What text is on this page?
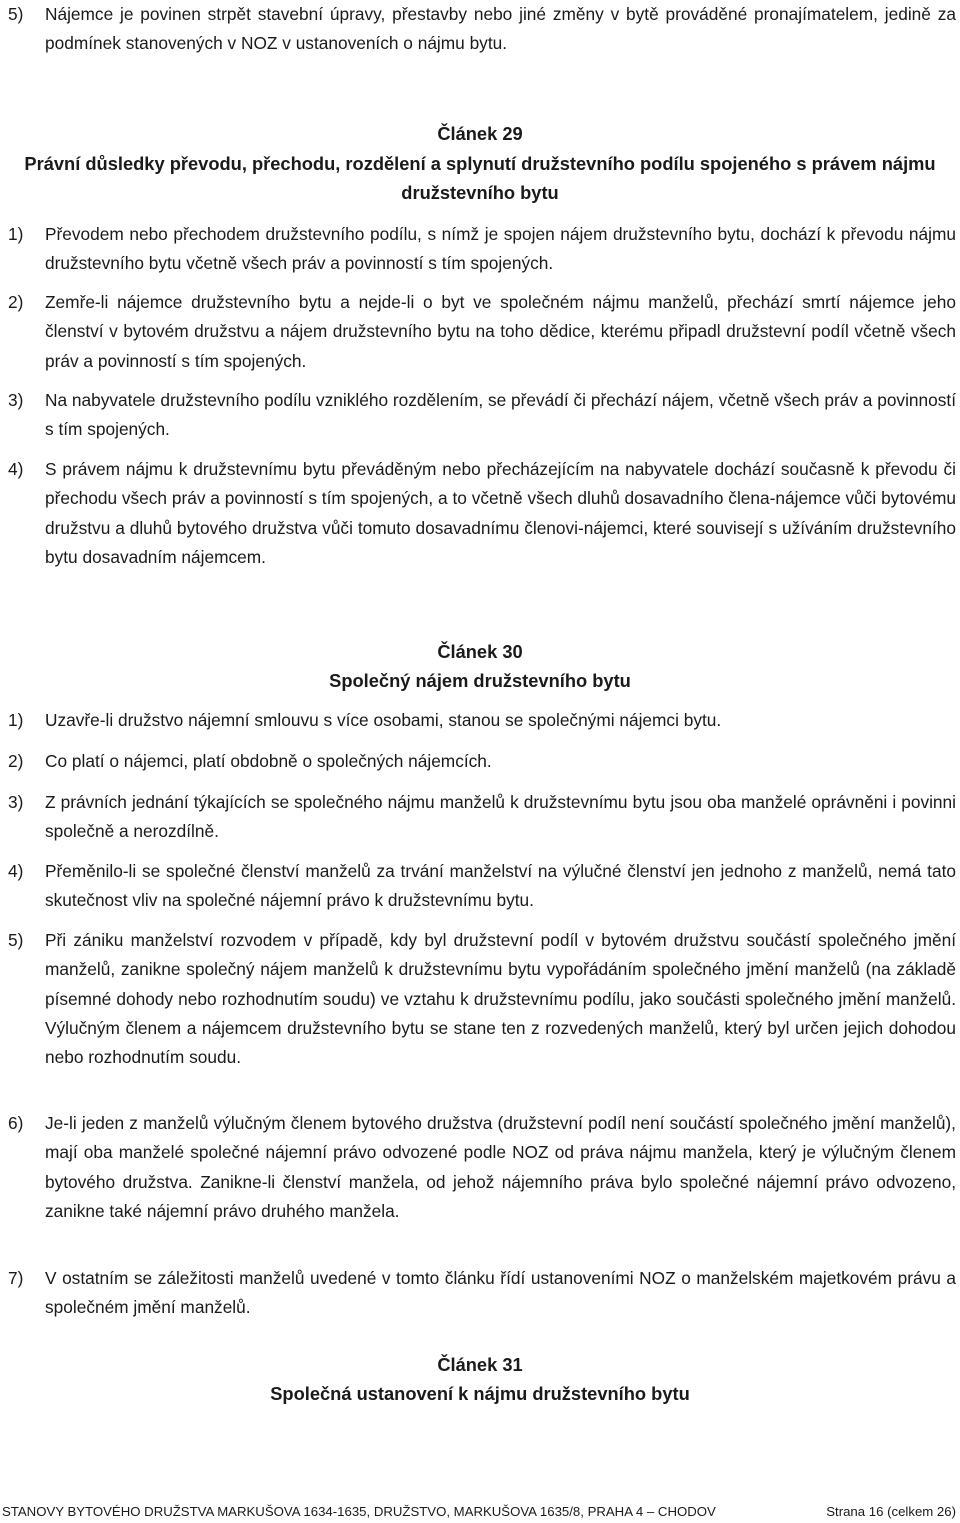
5) Nájemce je povinen strpět stavební úpravy, přestavby nebo jiné změny v bytě prováděné pronajímatelem, jedině za podmínek stanovených v NOZ v ustanoveních o nájmu bytu.
Článek 29
Právní důsledky převodu, přechodu, rozdělení a splynutí družstevního podílu spojeného s právem nájmu družstevního bytu
1) Převodem nebo přechodem družstevního podílu, s nímž je spojen nájem družstevního bytu, dochází k převodu nájmu družstevního bytu včetně všech práv a povinností s tím spojených.
2) Zemře-li nájemce družstevního bytu a nejde-li o byt ve společném nájmu manželů, přechází smrtí nájemce jeho členství v bytovém družstvu a nájem družstevního bytu na toho dědice, kterému připadl družstevní podíl včetně všech práv a povinností s tím spojených.
3) Na nabyvatele družstevního podílu vzniklého rozdělením, se převádí či přechází nájem, včetně všech práv a povinností s tím spojených.
4) S právem nájmu k družstevnímu bytu převáděným nebo přecházejícím na nabyvatele dochází současně k převodu či přechodu všech práv a povinností s tím spojených, a to včetně všech dluhů dosavadního člena-nájemce vůči bytovému družstvu a dluhů bytového družstva vůči tomuto dosavadnímu členovi-nájemci, které souvisejí s užíváním družstevního bytu dosavadním nájemcem.
Článek 30
Společný nájem družstevního bytu
1) Uzavře-li družstvo nájemní smlouvu s více osobami, stanou se společnými nájemci bytu.
2) Co platí o nájemci, platí obdobně o společných nájemcích.
3) Z právních jednání týkajících se společného nájmu manželů k družstevnímu bytu jsou oba manželé oprávněni i povinni společně a nerozdílně.
4) Přeměnilo-li se společné členství manželů za trvání manželství na výlučné členství jen jednoho z manželů, nemá tato skutečnost vliv na společné nájemní právo k družstevnímu bytu.
5) Při zániku manželství rozvodem v případě, kdy byl družstevní podíl v bytovém družstvu součástí společného jmění manželů, zanikne společný nájem manželů k družstevnímu bytu vypořádáním společného jmění manželů (na základě písemné dohody nebo rozhodnutím soudu) ve vztahu k družstevnímu podílu, jako součásti společného jmění manželů. Výlučným členem a nájemcem družstevního bytu se stane ten z rozvedených manželů, který byl určen jejich dohodou nebo rozhodnutím soudu.
6) Je-li jeden z manželů výlučným členem bytového družstva (družstevní podíl není součástí společného jmění manželů), mají oba manželé společné nájemní právo odvozené podle NOZ od práva nájmu manžela, který je výlučným členem bytového družstva. Zanikne-li členství manžela, od jehož nájemního práva bylo společné nájemní právo odvozeno, zanikne také nájemní právo druhého manžela.
7) V ostatním se záležitosti manželů uvedené v tomto článku řídí ustanoveními NOZ o manželském majetkovém právu a společném jmění manželů.
Článek 31
Společná ustanovení k nájmu družstevního bytu
STANOVY BYTOVÉHO DRUŽSTVA MARKUŠOVA 1634-1635, DRUŽSTVO, MARKUŠOVA 1635/8, PRAHA 4 – CHODOV	Strana 16 (celkem 26)
